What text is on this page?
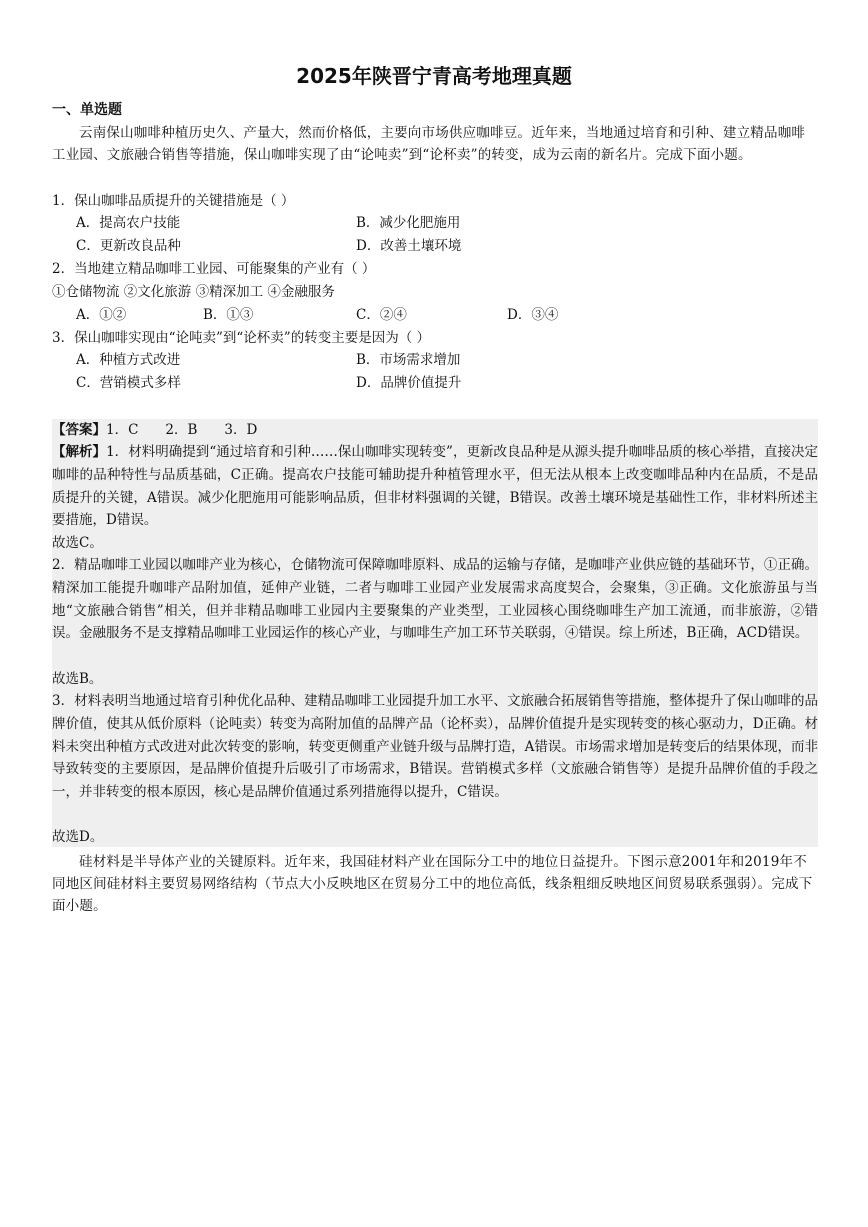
2025年陕晋宁青高考地理真题
一、单选题

云南保山咖啡种植历史久、产量大，然而价格低，主要向市场供应咖啡豆。近年来，当地通过培育和引种、建立精品咖啡工业园、文旅融合销售等措施，保山咖啡实现了由“论吨卖”到“论杯卖”的转变，成为云南的新名片。完成下面小题。

1．保山咖啡品质提升的关键措施是（ ）
A．提高农户技能	B．减少化肥施用
C．更新改良品种	D．改善土壤环境
2．当地建立精品咖啡工业园、可能聚集的产业有（ ）
①仓储物流 ②文化旅游 ③精深加工 ④金融服务
A．①②	B．①③	C．②④	D．③④
3．保山咖啡实现由“论吨卖”到“论杯卖”的转变主要是因为（ ）
A．种植方式改进	B．市场需求增加
C．营销模式多样	D．品牌价值提升
【答案】1．C　　2．B　　3．D

【解析】1．材料明确提到“通过培育和引种……保山咖啡实现转变”，更新改良品种是从源头提升咖啡品质的核心举措，直接决定咖啡的品种特性与品质基础，C正确。提高农户技能可辅助提升种植管理水平，但无法从根本上改变咖啡品种内在品质，不是品质提升的关键，A错误。减少化肥施用可能影响品质，但非材料强调的关键，B错误。改善土壤环境是基础性工作，非材料所述主要措施，D错误。

故选C。

2．精品咖啡工业园以咖啡产业为核心，仓储物流可保障咖啡原料、成品的运输与存储，是咖啡产业供应链的基础环节，①正确。精深加工能提升咖啡产品附加值，延伸产业链，二者与咖啡工业园产业发展需求高度契合，会聚集，③正确。文化旅游虽与当地“文旅融合销售”相关，但并非精品咖啡工业园内主要聚集的产业类型，工业园核心围绕咖啡生产加工流通，而非旅游，②错误。金融服务不是支撑精品咖啡工业园运作的核心产业，与咖啡生产加工环节关联弱，④错误。综上所述，B正确，ACD错误。

故选B。

3．材料表明当地通过培育引种优化品种、建精品咖啡工业园提升加工水平、文旅融合拓展销售等措施，整体提升了保山咖啡的品牌价值，使其从低价原料（论吨卖）转变为高附加值的品牌产品（论杯卖），品牌价值提升是实现转变的核心驱动力，D正确。材料未突出种植方式改进对此次转变的影响，转变更侧重产业链升级与品牌打造，A错误。市场需求增加是转变后的结果体现，而非导致转变的主要原因，是品牌价值提升后吸引了市场需求，B错误。营销模式多样（文旅融合销售等）是提升品牌价值的手段之一，并非转变的根本原因，核心是品牌价值通过系列措施得以提升，C错误。

故选D。

硅材料是半导体产业的关键原料。近年来，我国硅材料产业在国际分工中的地位日益提升。下图示意2001年和2019年不同地区间硅材料主要贸易网络结构（节点大小反映地区在贸易分工中的地位高低，线条粗细反映地区间贸易联系强弱）。完成下面小题。
